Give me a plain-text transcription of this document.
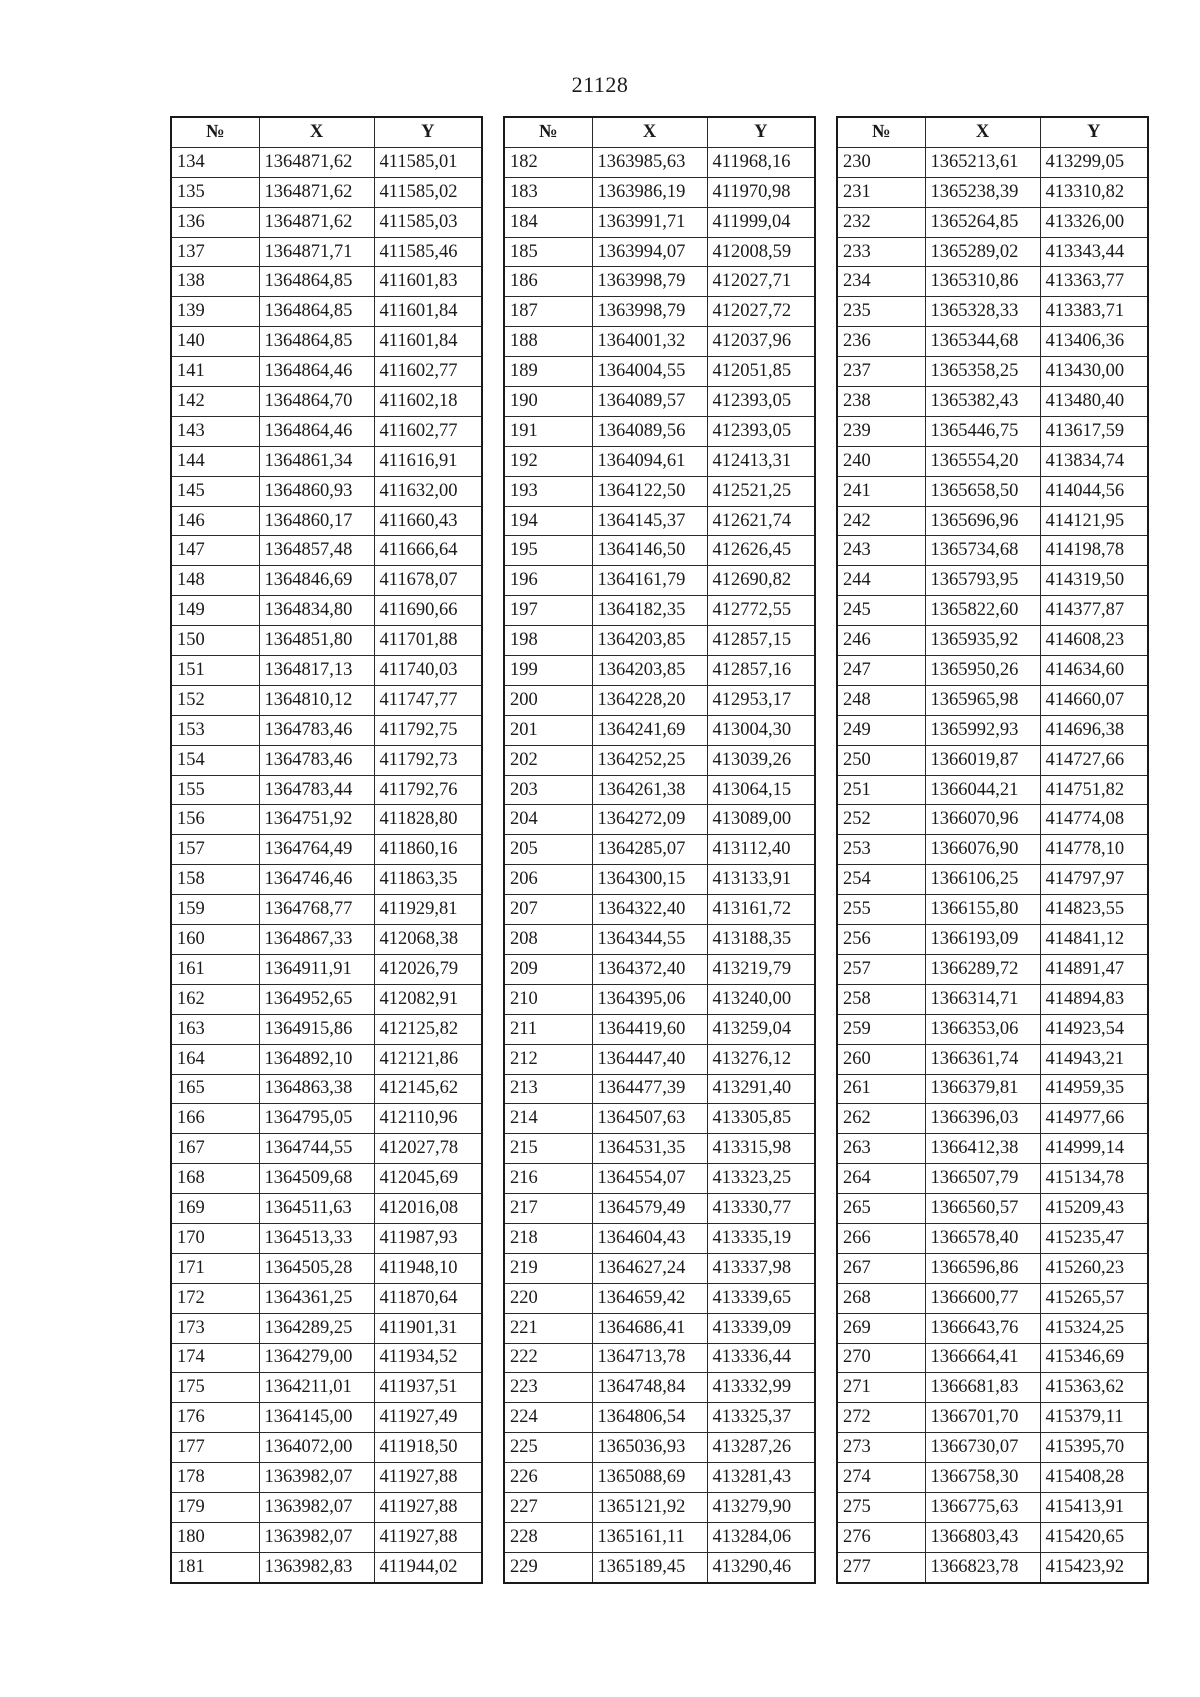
21128
№	X	Y
134	1364871,62	411585,01
135	1364871,62	411585,02
136	1364871,62	411585,03
137	1364871,71	411585,46
138	1364864,85	411601,83
139	1364864,85	411601,84
140	1364864,85	411601,84
141	1364864,46	411602,77
142	1364864,70	411602,18
143	1364864,46	411602,77
144	1364861,34	411616,91
145	1364860,93	411632,00
146	1364860,17	411660,43
147	1364857,48	411666,64
148	1364846,69	411678,07
149	1364834,80	411690,66
150	1364851,80	411701,88
151	1364817,13	411740,03
152	1364810,12	411747,77
153	1364783,46	411792,75
154	1364783,46	411792,73
155	1364783,44	411792,76
156	1364751,92	411828,80
157	1364764,49	411860,16
158	1364746,46	411863,35
159	1364768,77	411929,81
160	1364867,33	412068,38
161	1364911,91	412026,79
162	1364952,65	412082,91
163	1364915,86	412125,82
164	1364892,10	412121,86
165	1364863,38	412145,62
166	1364795,05	412110,96
167	1364744,55	412027,78
168	1364509,68	412045,69
169	1364511,63	412016,08
170	1364513,33	411987,93
171	1364505,28	411948,10
172	1364361,25	411870,64
173	1364289,25	411901,31
174	1364279,00	411934,52
175	1364211,01	411937,51
176	1364145,00	411927,49
177	1364072,00	411918,50
178	1363982,07	411927,88
179	1363982,07	411927,88
180	1363982,07	411927,88
181	1363982,83	411944,02
№	X	Y
182	1363985,63	411968,16
183	1363986,19	411970,98
184	1363991,71	411999,04
185	1363994,07	412008,59
186	1363998,79	412027,71
187	1363998,79	412027,72
188	1364001,32	412037,96
189	1364004,55	412051,85
190	1364089,57	412393,05
191	1364089,56	412393,05
192	1364094,61	412413,31
193	1364122,50	412521,25
194	1364145,37	412621,74
195	1364146,50	412626,45
196	1364161,79	412690,82
197	1364182,35	412772,55
198	1364203,85	412857,15
199	1364203,85	412857,16
200	1364228,20	412953,17
201	1364241,69	413004,30
202	1364252,25	413039,26
203	1364261,38	413064,15
204	1364272,09	413089,00
205	1364285,07	413112,40
206	1364300,15	413133,91
207	1364322,40	413161,72
208	1364344,55	413188,35
209	1364372,40	413219,79
210	1364395,06	413240,00
211	1364419,60	413259,04
212	1364447,40	413276,12
213	1364477,39	413291,40
214	1364507,63	413305,85
215	1364531,35	413315,98
216	1364554,07	413323,25
217	1364579,49	413330,77
218	1364604,43	413335,19
219	1364627,24	413337,98
220	1364659,42	413339,65
221	1364686,41	413339,09
222	1364713,78	413336,44
223	1364748,84	413332,99
224	1364806,54	413325,37
225	1365036,93	413287,26
226	1365088,69	413281,43
227	1365121,92	413279,90
228	1365161,11	413284,06
229	1365189,45	413290,46
№	X	Y
230	1365213,61	413299,05
231	1365238,39	413310,82
232	1365264,85	413326,00
233	1365289,02	413343,44
234	1365310,86	413363,77
235	1365328,33	413383,71
236	1365344,68	413406,36
237	1365358,25	413430,00
238	1365382,43	413480,40
239	1365446,75	413617,59
240	1365554,20	413834,74
241	1365658,50	414044,56
242	1365696,96	414121,95
243	1365734,68	414198,78
244	1365793,95	414319,50
245	1365822,60	414377,87
246	1365935,92	414608,23
247	1365950,26	414634,60
248	1365965,98	414660,07
249	1365992,93	414696,38
250	1366019,87	414727,66
251	1366044,21	414751,82
252	1366070,96	414774,08
253	1366076,90	414778,10
254	1366106,25	414797,97
255	1366155,80	414823,55
256	1366193,09	414841,12
257	1366289,72	414891,47
258	1366314,71	414894,83
259	1366353,06	414923,54
260	1366361,74	414943,21
261	1366379,81	414959,35
262	1366396,03	414977,66
263	1366412,38	414999,14
264	1366507,79	415134,78
265	1366560,57	415209,43
266	1366578,40	415235,47
267	1366596,86	415260,23
268	1366600,77	415265,57
269	1366643,76	415324,25
270	1366664,41	415346,69
271	1366681,83	415363,62
272	1366701,70	415379,11
273	1366730,07	415395,70
274	1366758,30	415408,28
275	1366775,63	415413,91
276	1366803,43	415420,65
277	1366823,78	415423,92
